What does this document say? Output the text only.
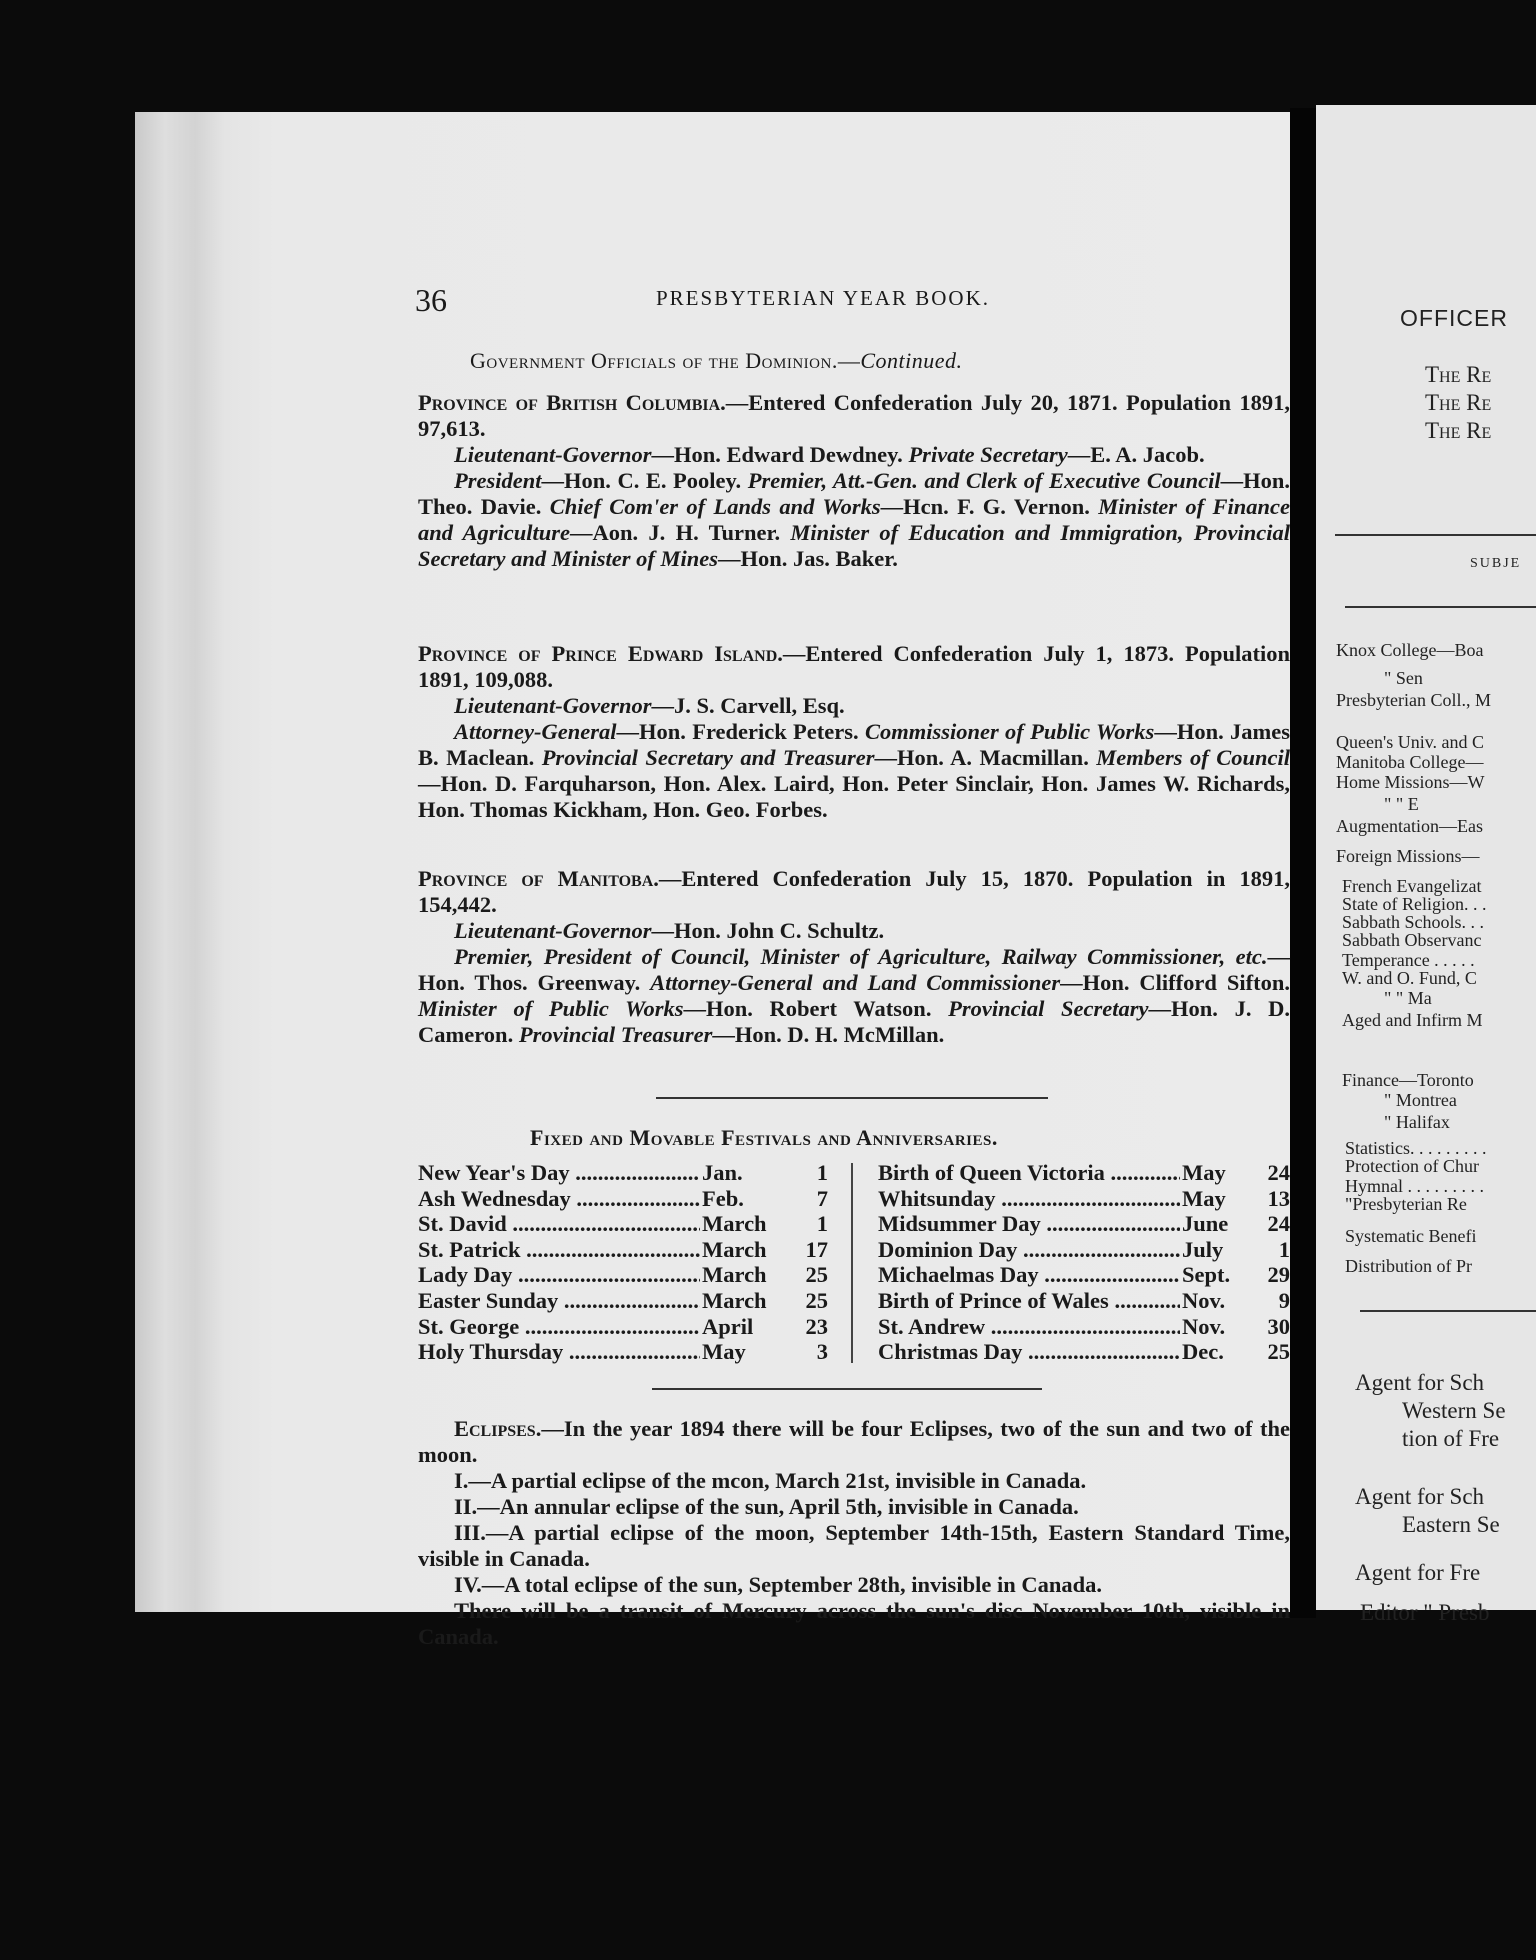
36	PRESBYTERIAN YEAR BOOK.
Government Officials of the Dominion.—Continued.

Province of British Columbia.—Entered Confederation July 20, 1871. Population 1891, 97,613.

Lieutenant-Governor—Hon. Edward Dewdney. Private Secretary—E. A. Jacob.

President—Hon. C. E. Pooley. Premier, Att.-Gen. and Clerk of Executive Council—Hon. Theo. Davie. Chief Com'er of Lands and Works—Hcn. F. G. Vernon. Minister of Finance and Agriculture—Aon. J. H. Turner. Minister of Education and Immigration, Provincial Secretary and Minister of Mines—Hon. Jas. Baker.

Province of Prince Edward Island.—Entered Confederation July 1, 1873. Population 1891, 109,088.

Lieutenant-Governor—J. S. Carvell, Esq.

Attorney-General—Hon. Frederick Peters. Commissioner of Public Works—Hon. James B. Maclean. Provincial Secretary and Treasurer—Hon. A. Macmillan. Members of Council—Hon. D. Farquharson, Hon. Alex. Laird, Hon. Peter Sinclair, Hon. James W. Richards, Hon. Thomas Kickham, Hon. Geo. Forbes.

Province of Manitoba.—Entered Confederation July 15, 1870. Population in 1891, 154,442.

Lieutenant-Governor—Hon. John C. Schultz.

Premier, President of Council, Minister of Agriculture, Railway Commissioner, etc.—Hon. Thos. Greenway. Attorney-General and Land Commissioner—Hon. Clifford Sifton. Minister of Public Works—Hon. Robert Watson. Provincial Secretary—Hon. J. D. Cameron. Provincial Treasurer—Hon. D. H. McMillan.

Fixed and Movable Festivals and Anniversaries.
New Year's Day .....	Jan.	1
Ash Wednesday .....	Feb.	7
St. David .....	March	1
St. Patrick .....	March	17
Lady Day .....	March	25
Easter Sunday .....	March	25
St. George .....	April	23
Holy Thursday .....	May	3
Birth of Queen Victoria .....	May	24
Whitsunday .....	May	13
Midsummer Day .....	June	24
Dominion Day .....	July	1
Michaelmas Day .....	Sept.	29
Birth of Prince of Wales .....	Nov.	9
St. Andrew .....	Nov.	30
Christmas Day .....	Dec.	25

Eclipses.—In the year 1894 there will be four Eclipses, two of the sun and two of the moon.

I.—A partial eclipse of the mcon, March 21st, invisible in Canada.

II.—An annular eclipse of the sun, April 5th, invisible in Canada.

III.—A partial eclipse of the moon, September 14th-15th, Eastern Standard Time, visible in Canada.

IV.—A total eclipse of the sun, September 28th, invisible in Canada.

There will be a transit of Mercury across the sun's disc November 10th, visible in Canada.

OFFICER
The Re
The Re
The Re
SUBJE
Knox College—Boa
" Sen
Presbyterian Coll., M
Queen's Univ. and C
Manitoba College—
Home Missions—W
" " E
Augmentation—Eas
Foreign Missions—
French Evangelizat
State of Religion. . .
Sabbath Schools. . .
Sabbath Observanc
Temperance . . . . .
W. and O. Fund, C
" " Ma
Aged and Infirm M
Finance—Toronto
" Montrea
" Halifax
Statistics. . . . . . . . .
Protection of Chur
Hymnal . . . . . . . . .
"Presbyterian Re
Systematic Benefi
Distribution of Pr
Agent for Sch
Western Se
tion of Fre
Agent for Sch
Eastern Se
Agent for Fre
Editor " Presb
